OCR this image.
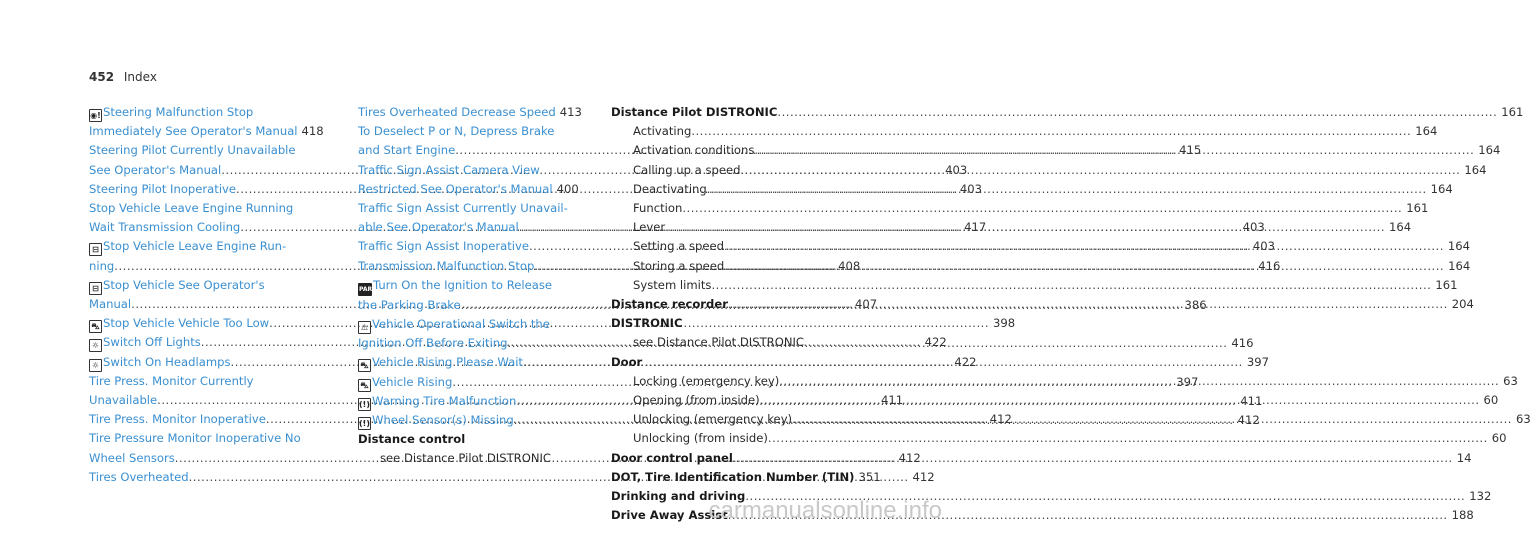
452 Index
◉! Steering Malfunction Stop
Immediately See Operator's Manual 418
Steering Pilot Currently Unavailable
See Operator's Manual .....	403
Steering Pilot Inoperative .....	403
Stop Vehicle Leave Engine Running
Wait Transmission Cooling .....	417
⊟ Stop Vehicle Leave Engine Run-
ning .....	408
⊟ Stop Vehicle See Operator's
Manual .....	407
⛍ Stop Vehicle Vehicle Too Low .....	398
☼ Switch Off Lights .....	422
☼ Switch On Headlamps .....	422
Tire Press. Monitor Currently
Unavailable .....	411
Tire Press. Monitor Inoperative .....	412
Tire Pressure Monitor Inoperative No
Wheel Sensors .....	412
Tires Overheated .....	412
Tires Overheated Decrease Speed 413
To Deselect P or N, Depress Brake
and Start Engine .....	415
Traffic Sign Assist Camera View
Restricted See Operator's Manual 400
Traffic Sign Assist Currently Unavail-
able See Operator's Manual .....	403
Traffic Sign Assist Inoperative .....	403
Transmission Malfunction Stop .....	416
PARKTurn On the Ignition to Release
the Parking Brake .....	386
⚠ Vehicle Operational Switch the
Ignition Off Before Exiting .....	416
⛍ Vehicle Rising Please Wait .....	397
⛍ Vehicle Rising .....	397
(!) Warning Tire Malfunction .....	411
(!) Wheel Sensor(s) Missing .....	412
Distance control
see Distance Pilot DISTRONIC
Distance Pilot DISTRONIC .....	161
Activating .....	164
Activation conditions .....	164
Calling up a speed .....	164
Deactivating .....	164
Function .....	161
Lever .....	164
Setting a speed .....	164
Storing a speed .....	164
System limits .....	161
Distance recorder .....	204
DISTRONIC
see Distance Pilot DISTRONIC
Door
Locking (emergency key) .....	63
Opening (from inside) .....	60
Unlocking (emergency key) .....	63
Unlocking (from inside) .....	60
Door control panel .....	14
DOT, Tire Identification Number (TIN) 351
Drinking and driving .....	132
Drive Away Assist .....	188
carmanualsonline.info
